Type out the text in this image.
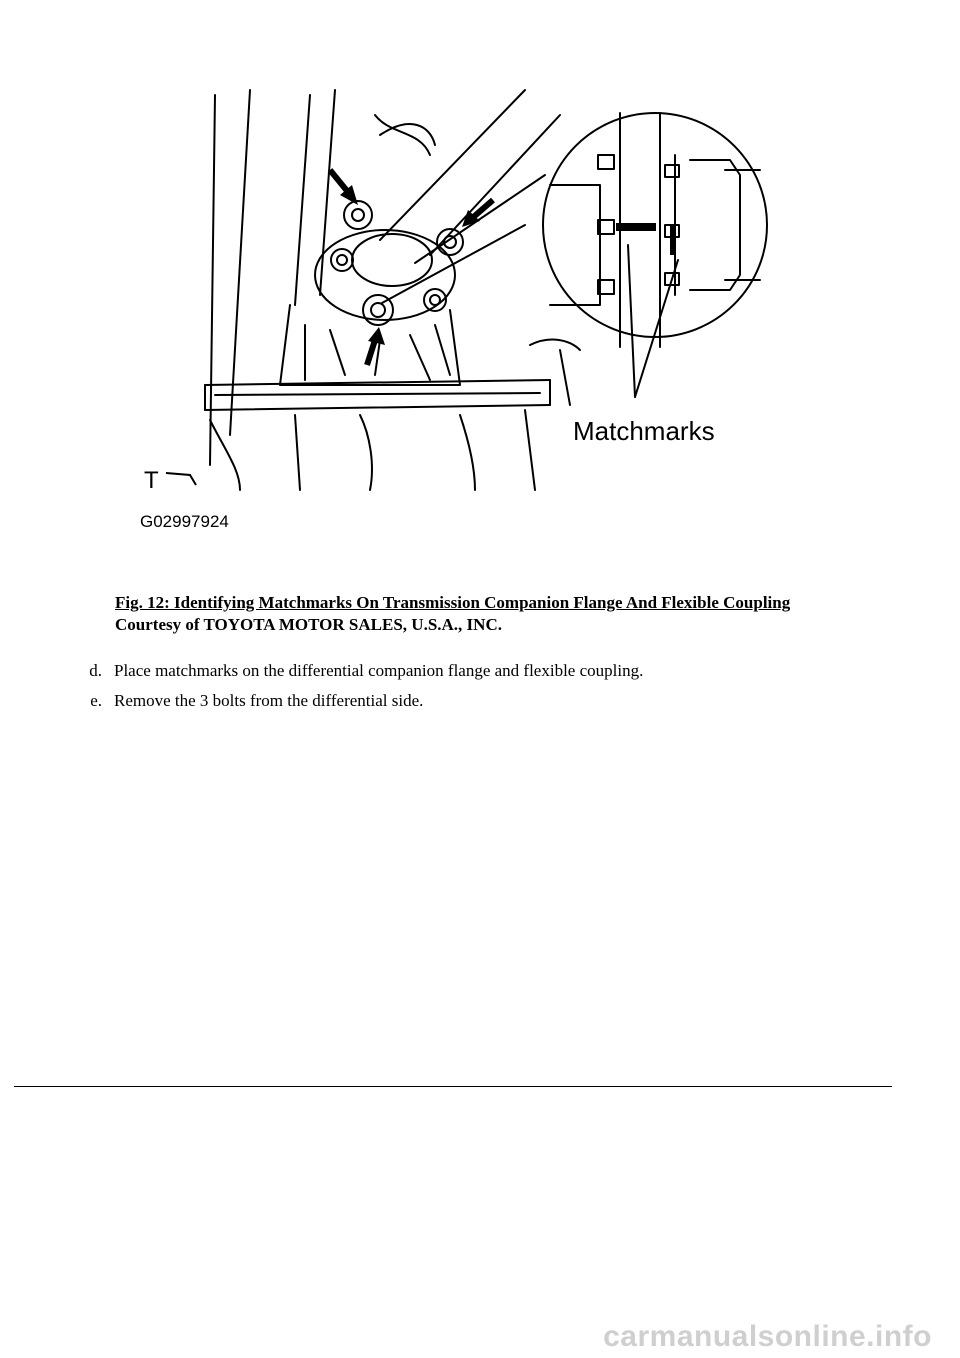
Matchmarks
T
G02997924
Fig. 12: Identifying Matchmarks On Transmission Companion Flange And Flexible Coupling
Courtesy of TOYOTA MOTOR SALES, U.S.A., INC.
d. Place matchmarks on the differential companion flange and flexible coupling.
e. Remove the 3 bolts from the differential side.
carmanualsonline.info
